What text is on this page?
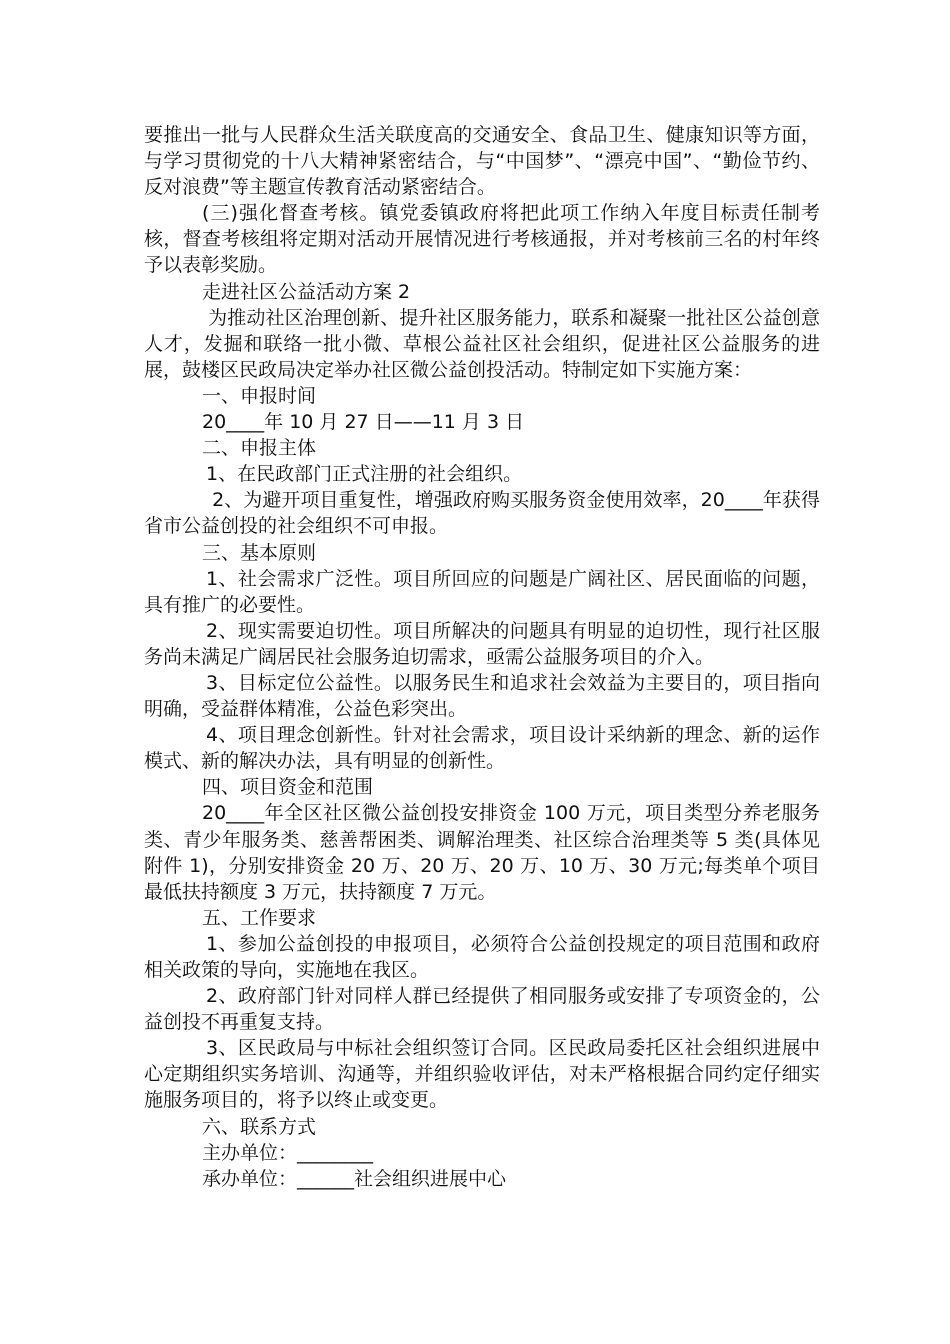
要推出一批与人民群众生活关联度高的交通安全、食品卫生、健康知识等方面，与学习贯彻党的十八大精神紧密结合，与“中国梦”、“漂亮中国”、“勤俭节约、反对浪费”等主题宣传教育活动紧密结合。

(三)强化督查考核。镇党委镇政府将把此项工作纳入年度目标责任制考核，督查考核组将定期对活动开展情况进行考核通报，并对考核前三名的村年终予以表彰奖励。

走进社区公益活动方案 2

为推动社区治理创新、提升社区服务能力，联系和凝聚一批社区公益创意人才，发掘和联络一批小微、草根公益社区社会组织，促进社区公益服务的进展，鼓楼区民政局决定举办社区微公益创投活动。特制定如下实施方案：

一、申报时间

20____年 10 月 27 日——11 月 3 日

二、申报主体

1、在民政部门正式注册的社会组织。

2、为避开项目重复性，增强政府购买服务资金使用效率，20____年获得省市公益创投的社会组织不可申报。

三、基本原则

1、社会需求广泛性。项目所回应的问题是广阔社区、居民面临的问题，具有推广的必要性。

2、现实需要迫切性。项目所解决的问题具有明显的迫切性，现行社区服务尚未满足广阔居民社会服务迫切需求，亟需公益服务项目的介入。

3、目标定位公益性。以服务民生和追求社会效益为主要目的，项目指向明确，受益群体精准，公益色彩突出。

4、项目理念创新性。针对社会需求，项目设计采纳新的理念、新的运作模式、新的解决办法，具有明显的创新性。

四、项目资金和范围

20____年全区社区微公益创投安排资金 100 万元，项目类型分养老服务类、青少年服务类、慈善帮困类、调解治理类、社区综合治理类等 5 类(具体见附件 1)，分别安排资金 20 万、20 万、20 万、10 万、30 万元;每类单个项目最低扶持额度 3 万元，扶持额度 7 万元。

五、工作要求

1、参加公益创投的申报项目，必须符合公益创投规定的项目范围和政府相关政策的导向，实施地在我区。

2、政府部门针对同样人群已经提供了相同服务或安排了专项资金的，公益创投不再重复支持。

3、区民政局与中标社会组织签订合同。区民政局委托区社会组织进展中心定期组织实务培训、沟通等，并组织验收评估，对未严格根据合同约定仔细实施服务项目的，将予以终止或变更。

六、联系方式

主办单位：________

承办单位：______社会组织进展中心
